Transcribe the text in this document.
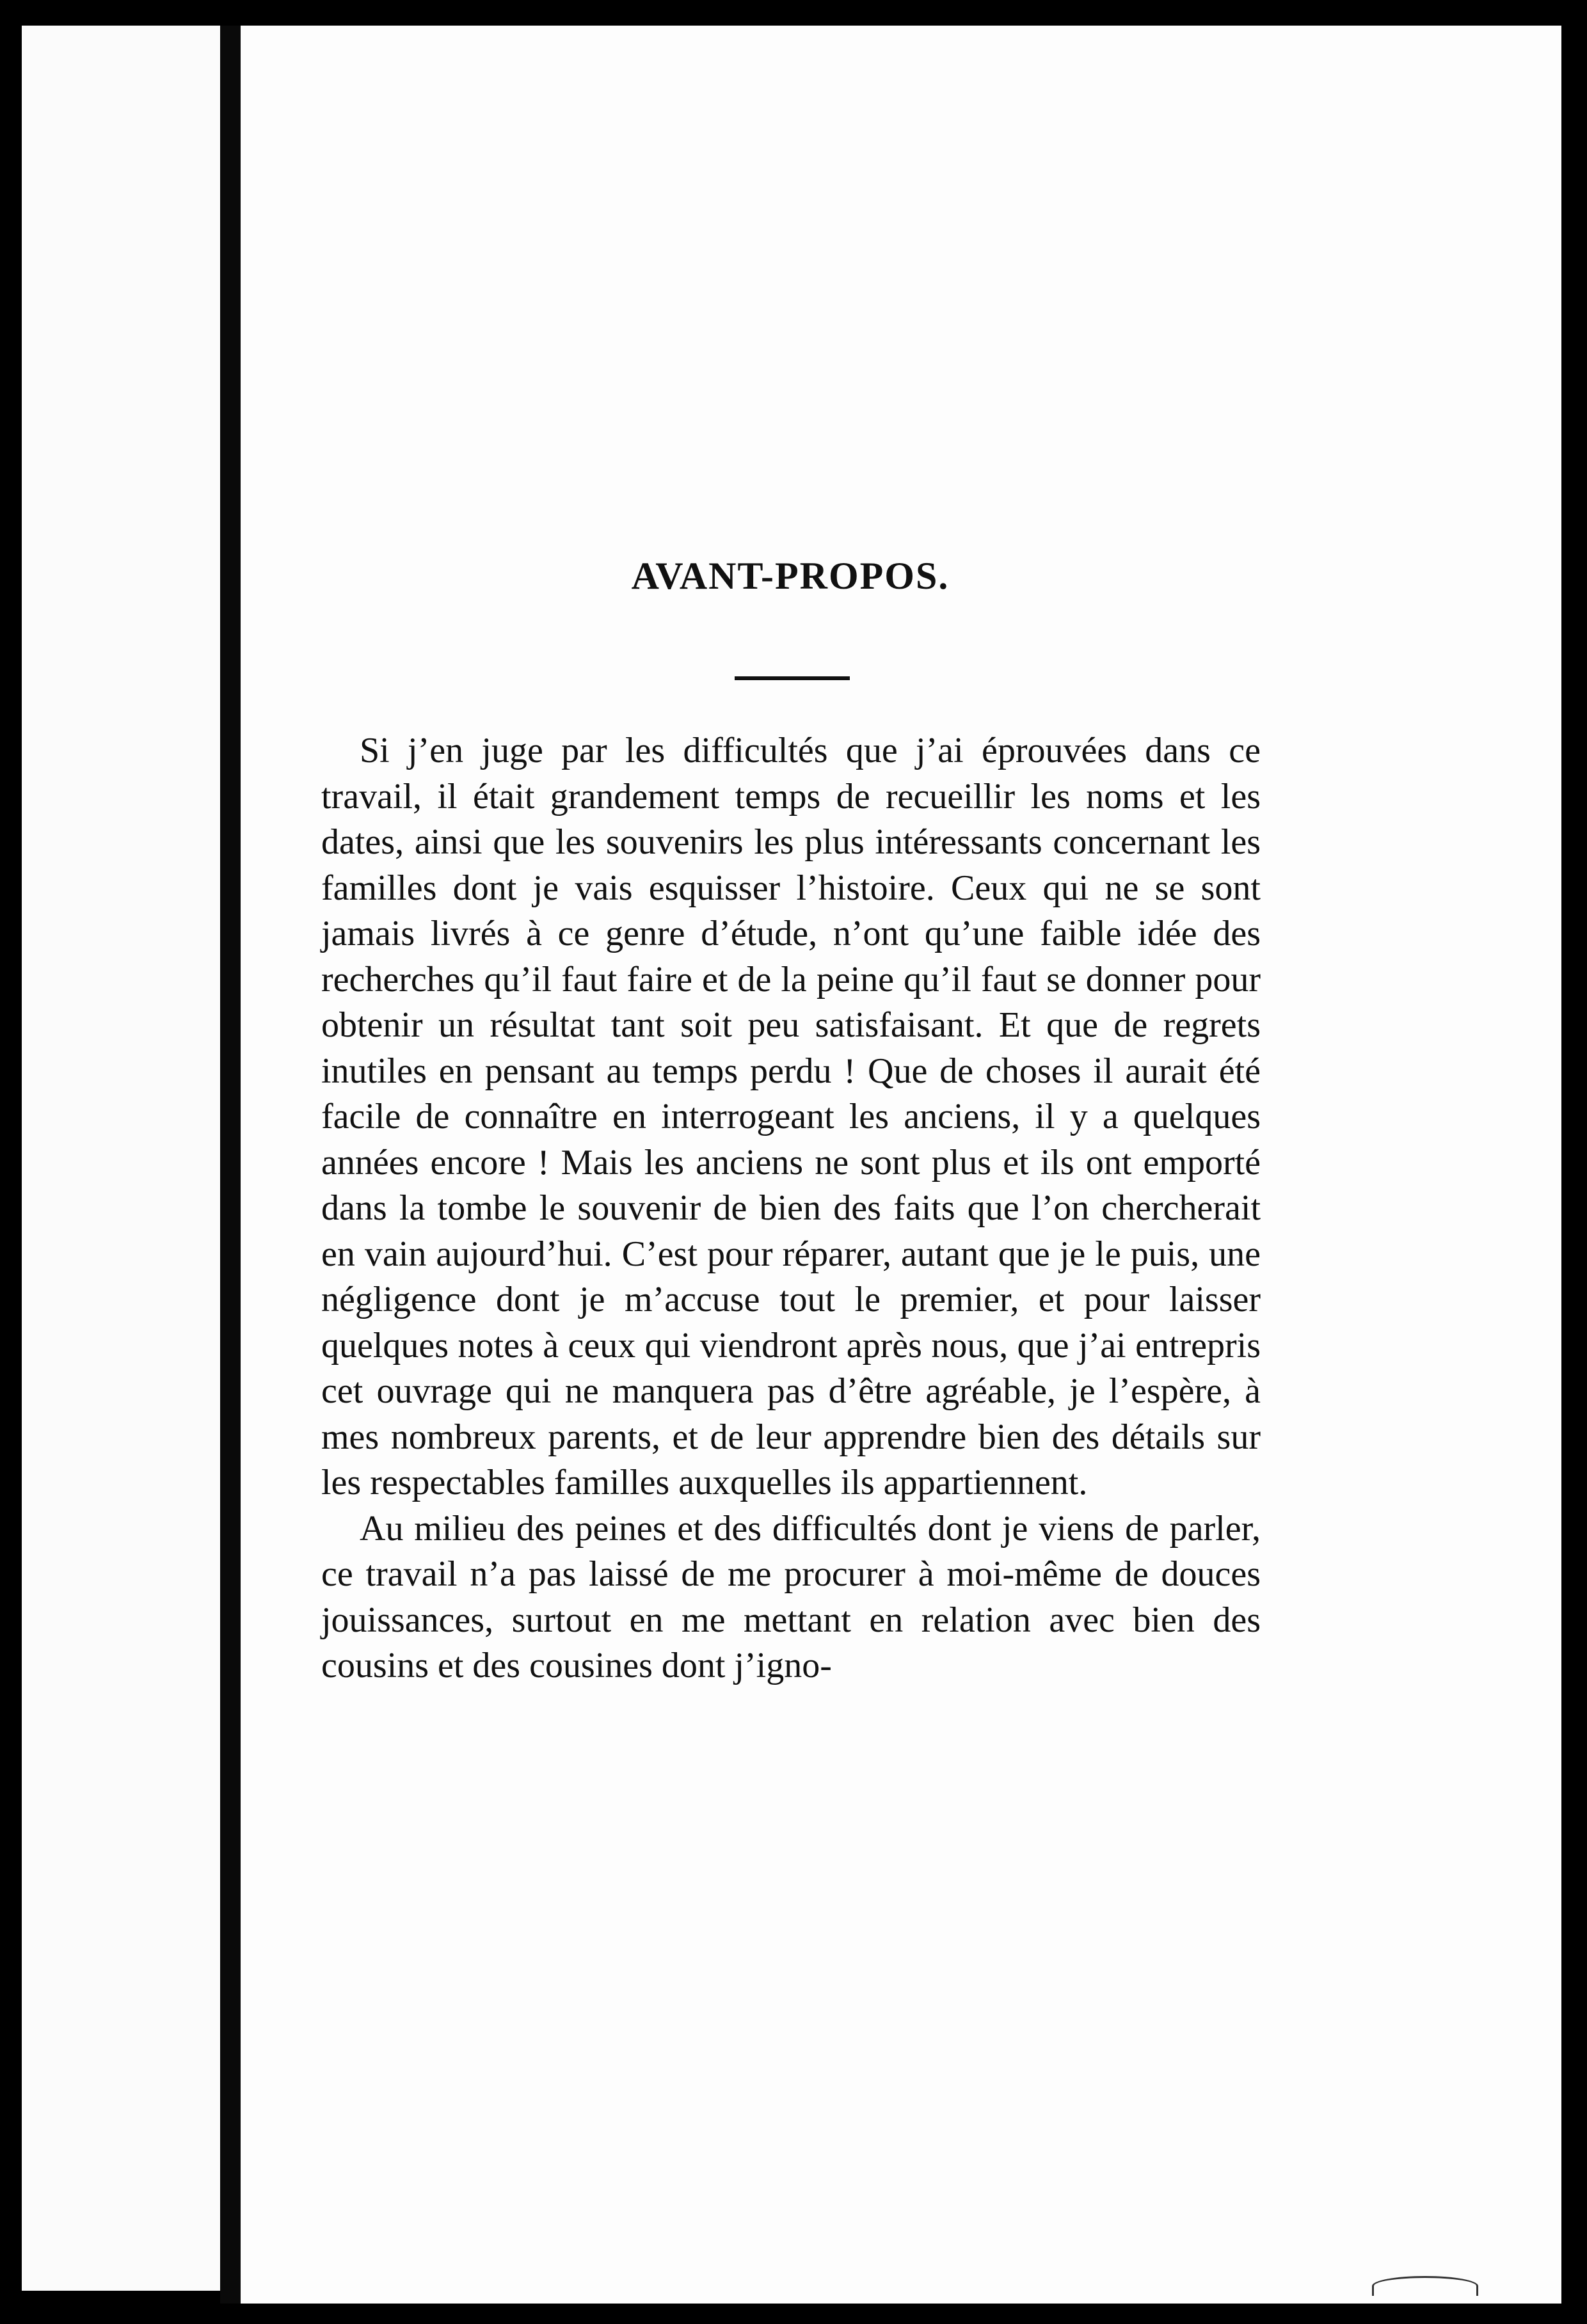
AVANT-PROPOS.

Si j’en juge par les difficultés que j’ai éprouvées dans ce travail, il était grandement temps de recueillir les noms et les dates, ainsi que les souvenirs les plus intéressants concernant les familles dont je vais esquisser l’histoire. Ceux qui ne se sont jamais livrés à ce genre d’étude, n’ont qu’une faible idée des recherches qu’il faut faire et de la peine qu’il faut se donner pour obtenir un résultat tant soit peu satisfaisant. Et que de regrets inutiles en pensant au temps perdu ! Que de choses il aurait été facile de connaître en interrogeant les anciens, il y a quelques années encore ! Mais les anciens ne sont plus et ils ont emporté dans la tombe le souvenir de bien des faits que l’on chercherait en vain aujourd’hui. C’est pour réparer, autant que je le puis, une négligence dont je m’accuse tout le premier, et pour laisser quelques notes à ceux qui viendront après nous, que j’ai entrepris cet ouvrage qui ne manquera pas d’être agréable, je l’espère, à mes nombreux parents, et de leur apprendre bien des détails sur les respectables familles auxquelles ils appartiennent.

Au milieu des peines et des difficultés dont je viens de parler, ce travail n’a pas laissé de me procurer à moi-même de douces jouissances, surtout en me mettant en relation avec bien des cousins et des cousines dont j’igno-
